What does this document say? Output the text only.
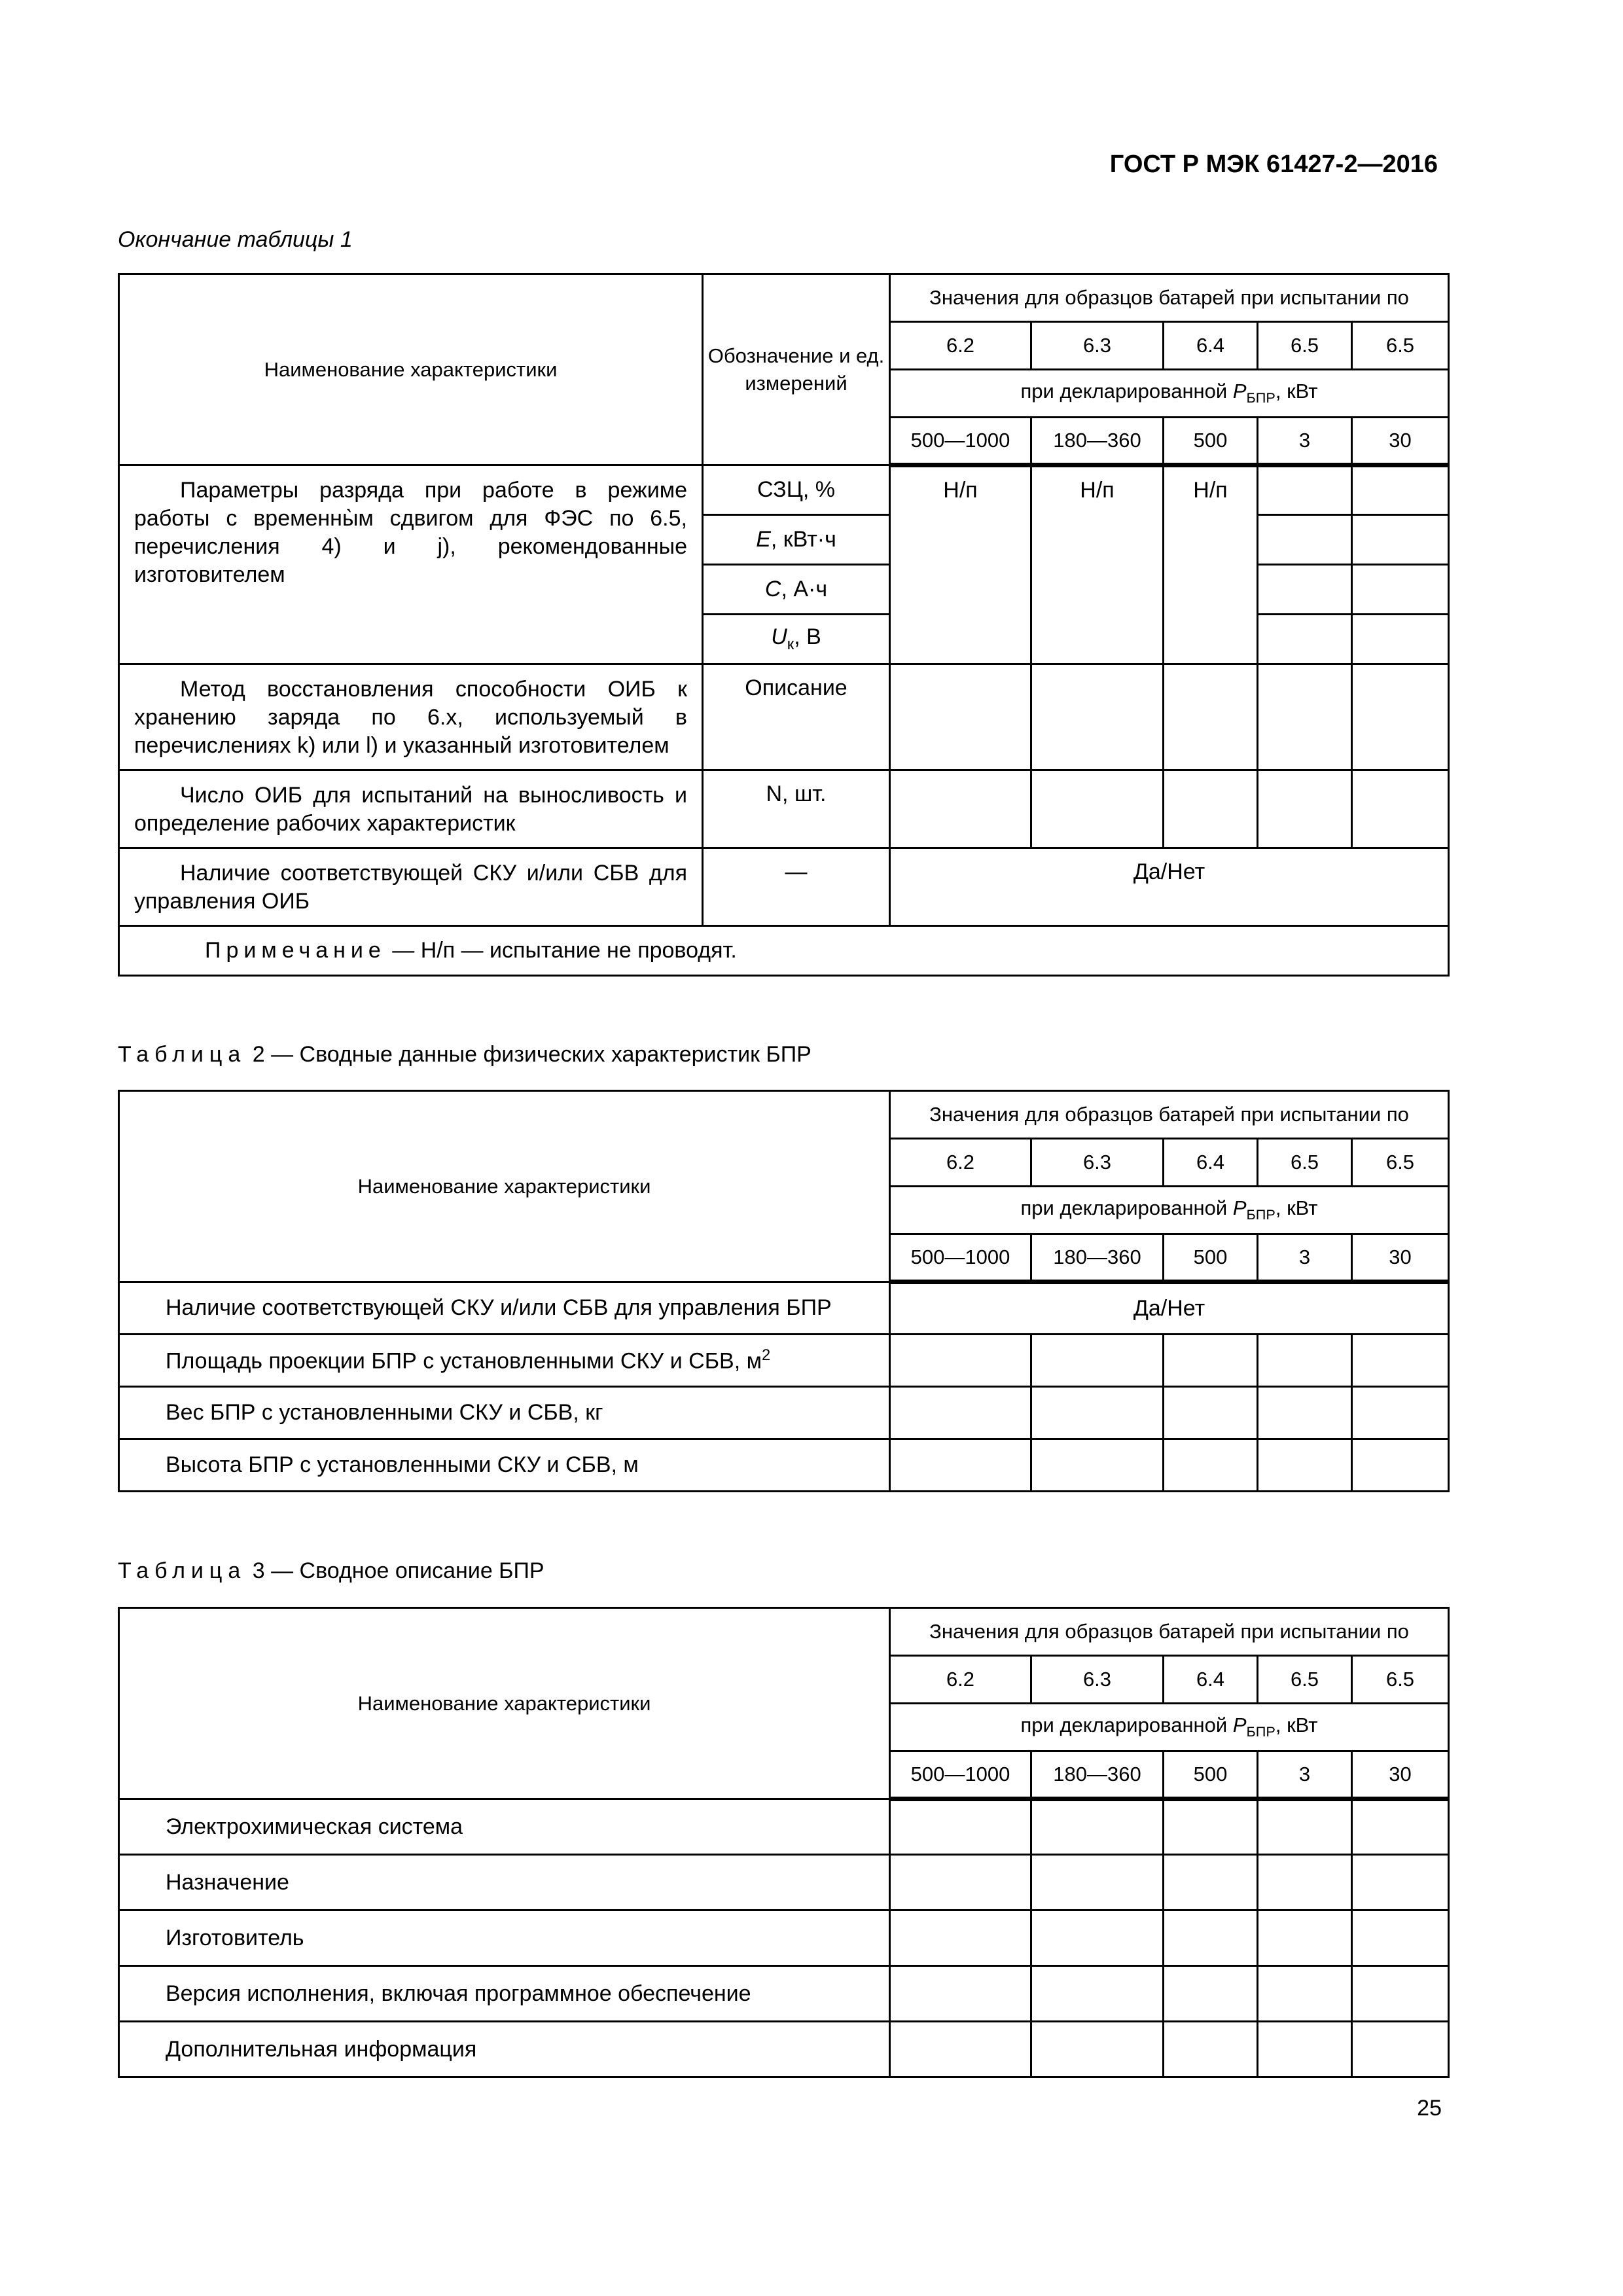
ГОСТ Р МЭК 61427-2—2016
Окончание таблицы 1
Наименование характеристики	Обозначение и ед. измерений	Значения для образцов батарей при испытании по				
		6.2	6.3	6.4	6.5	6.5
		при декларированной $P_{БПР}$, кВт				
		500—1000	180—360	500	3	30
Параметры разряда при работе в режиме работы с временны̀м сдвигом для ФЭС по 6.5, перечисления 4) и j), рекомендованные изготовителем	СЗЦ, %	Н/п	Н/п	Н/п		
	E, кВт·ч					
	C, А·ч					
	$U_к$, В					
Метод восстановления способности ОИБ к хранению заряда по 6.x, используемый в перечислениях k) или l) и указанный изготовителем	Описание					
Число ОИБ для испытаний на выносливость и определение рабочих характеристик	N, шт.					
Наличие соответствующей СКУ и/или СБВ для управления ОИБ	—	Да/Нет				
Примечание — Н/п — испытание не проводят.						
Таблица 2 — Сводные данные физических характеристик БПР
Наименование характеристики	Значения для образцов батарей при испытании по				
	6.2	6.3	6.4	6.5	6.5
	при декларированной $P_{БПР}$, кВт				
	500—1000	180—360	500	3	30
Наличие соответствующей СКУ и/или СБВ для управления БПР	Да/Нет				
Площадь проекции БПР с установленными СКУ и СБВ, $м^2$					
Вес БПР с установленными СКУ и СБВ, кг					
Высота БПР с установленными СКУ и СБВ, м					
Таблица 3 — Сводное описание БПР
Наименование характеристики	Значения для образцов батарей при испытании по				
	6.2	6.3	6.4	6.5	6.5
	при декларированной $P_{БПР}$, кВт				
	500—1000	180—360	500	3	30
Электрохимическая система					
Назначение					
Изготовитель					
Версия исполнения, включая программное обеспечение					
Дополнительная информация					
25
